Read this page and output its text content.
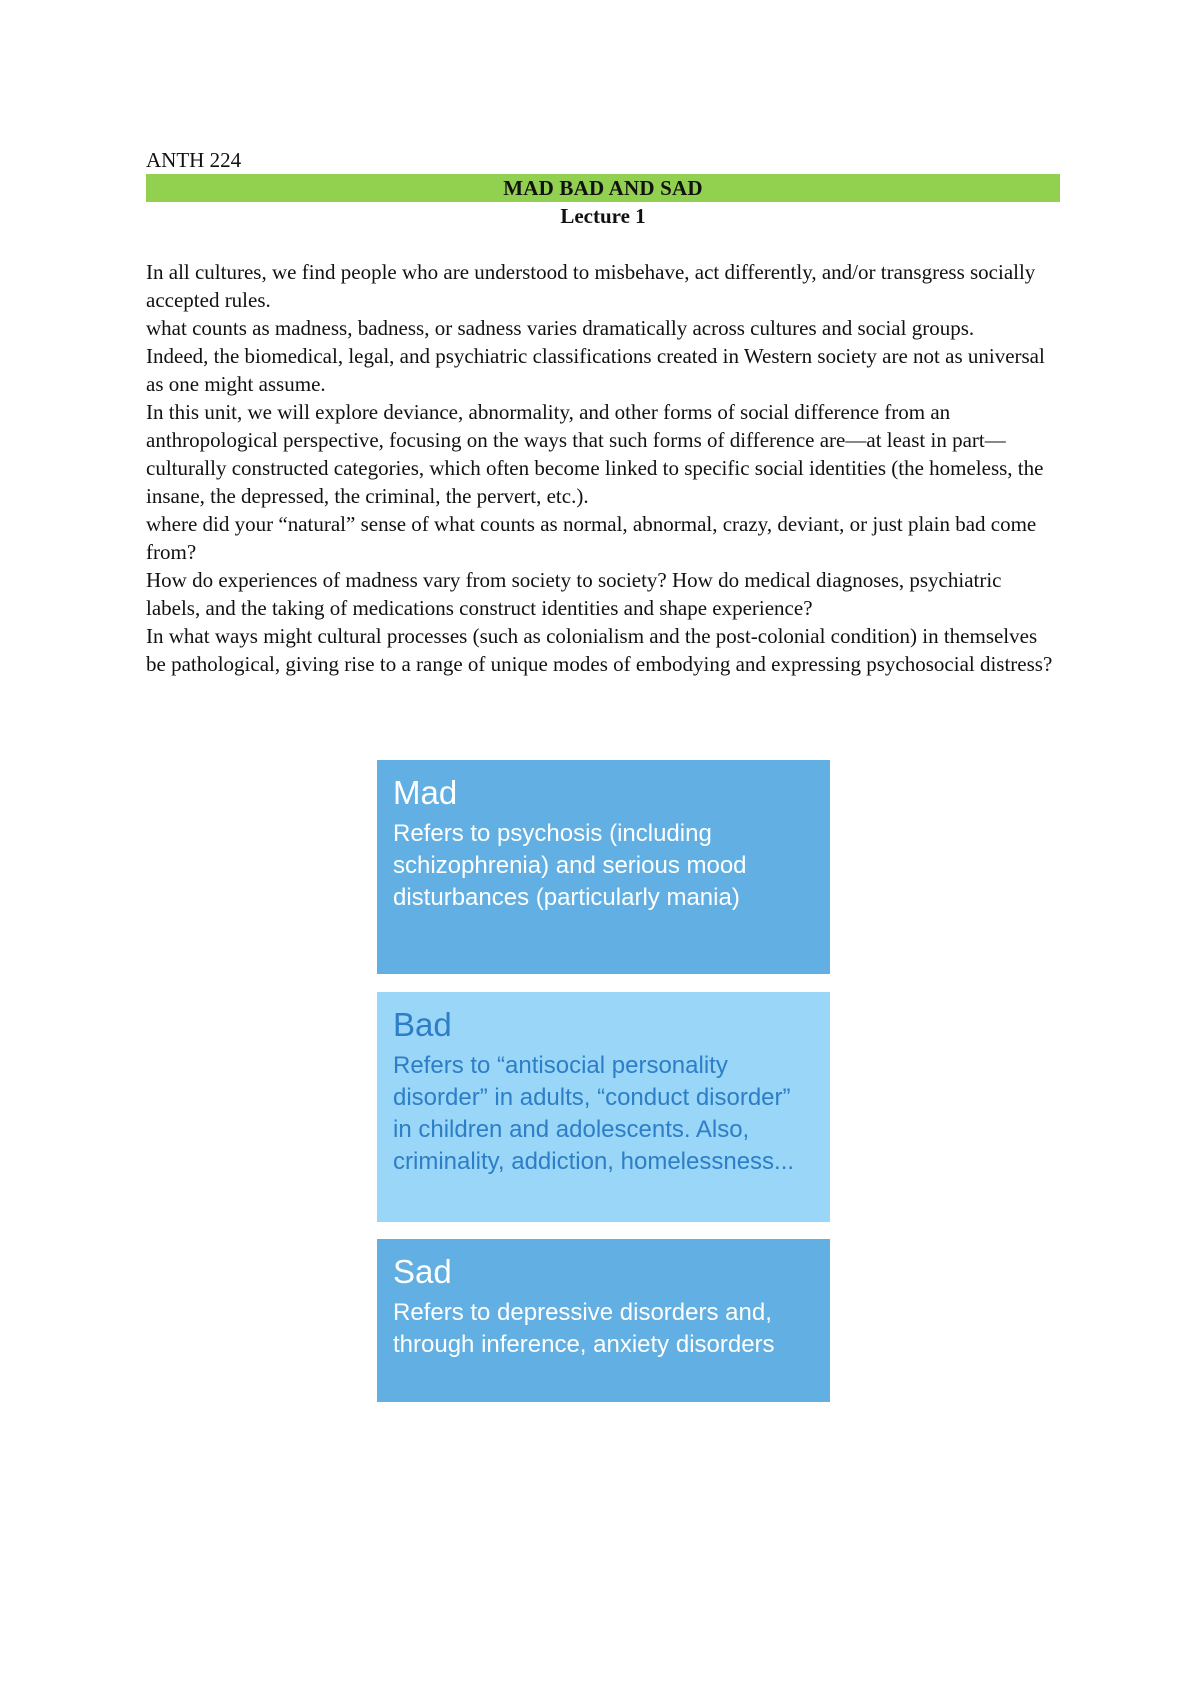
ANTH 224
MAD BAD AND SAD
Lecture 1

In all cultures, we find people who are understood to misbehave, act differently, and/or transgress socially accepted rules.

what counts as madness, badness, or sadness varies dramatically across cultures and social groups.

Indeed, the biomedical, legal, and psychiatric classifications created in Western society are not as universal as one might assume.

In this unit, we will explore deviance, abnormality, and other forms of social difference from an anthropological perspective, focusing on the ways that such forms of difference are—at least in part—culturally constructed categories, which often become linked to specific social identities (the homeless, the insane, the depressed, the criminal, the pervert, etc.).

where did your “natural” sense of what counts as normal, abnormal, crazy, deviant, or just plain bad come from?

How do experiences of madness vary from society to society? How do medical diagnoses, psychiatric labels, and the taking of medications construct identities and shape experience?

In what ways might cultural processes (such as colonialism and the post-colonial condition) in themselves be pathological, giving rise to a range of unique modes of embodying and expressing psychosocial distress?

Mad

Refers to psychosis (including schizophrenia) and serious mood disturbances (particularly mania)

Bad

Refers to “antisocial personality disorder” in adults, “conduct disorder” in children and adolescents. Also, criminality, addiction, homelessness...

Sad

Refers to depressive disorders and, through inference, anxiety disorders
